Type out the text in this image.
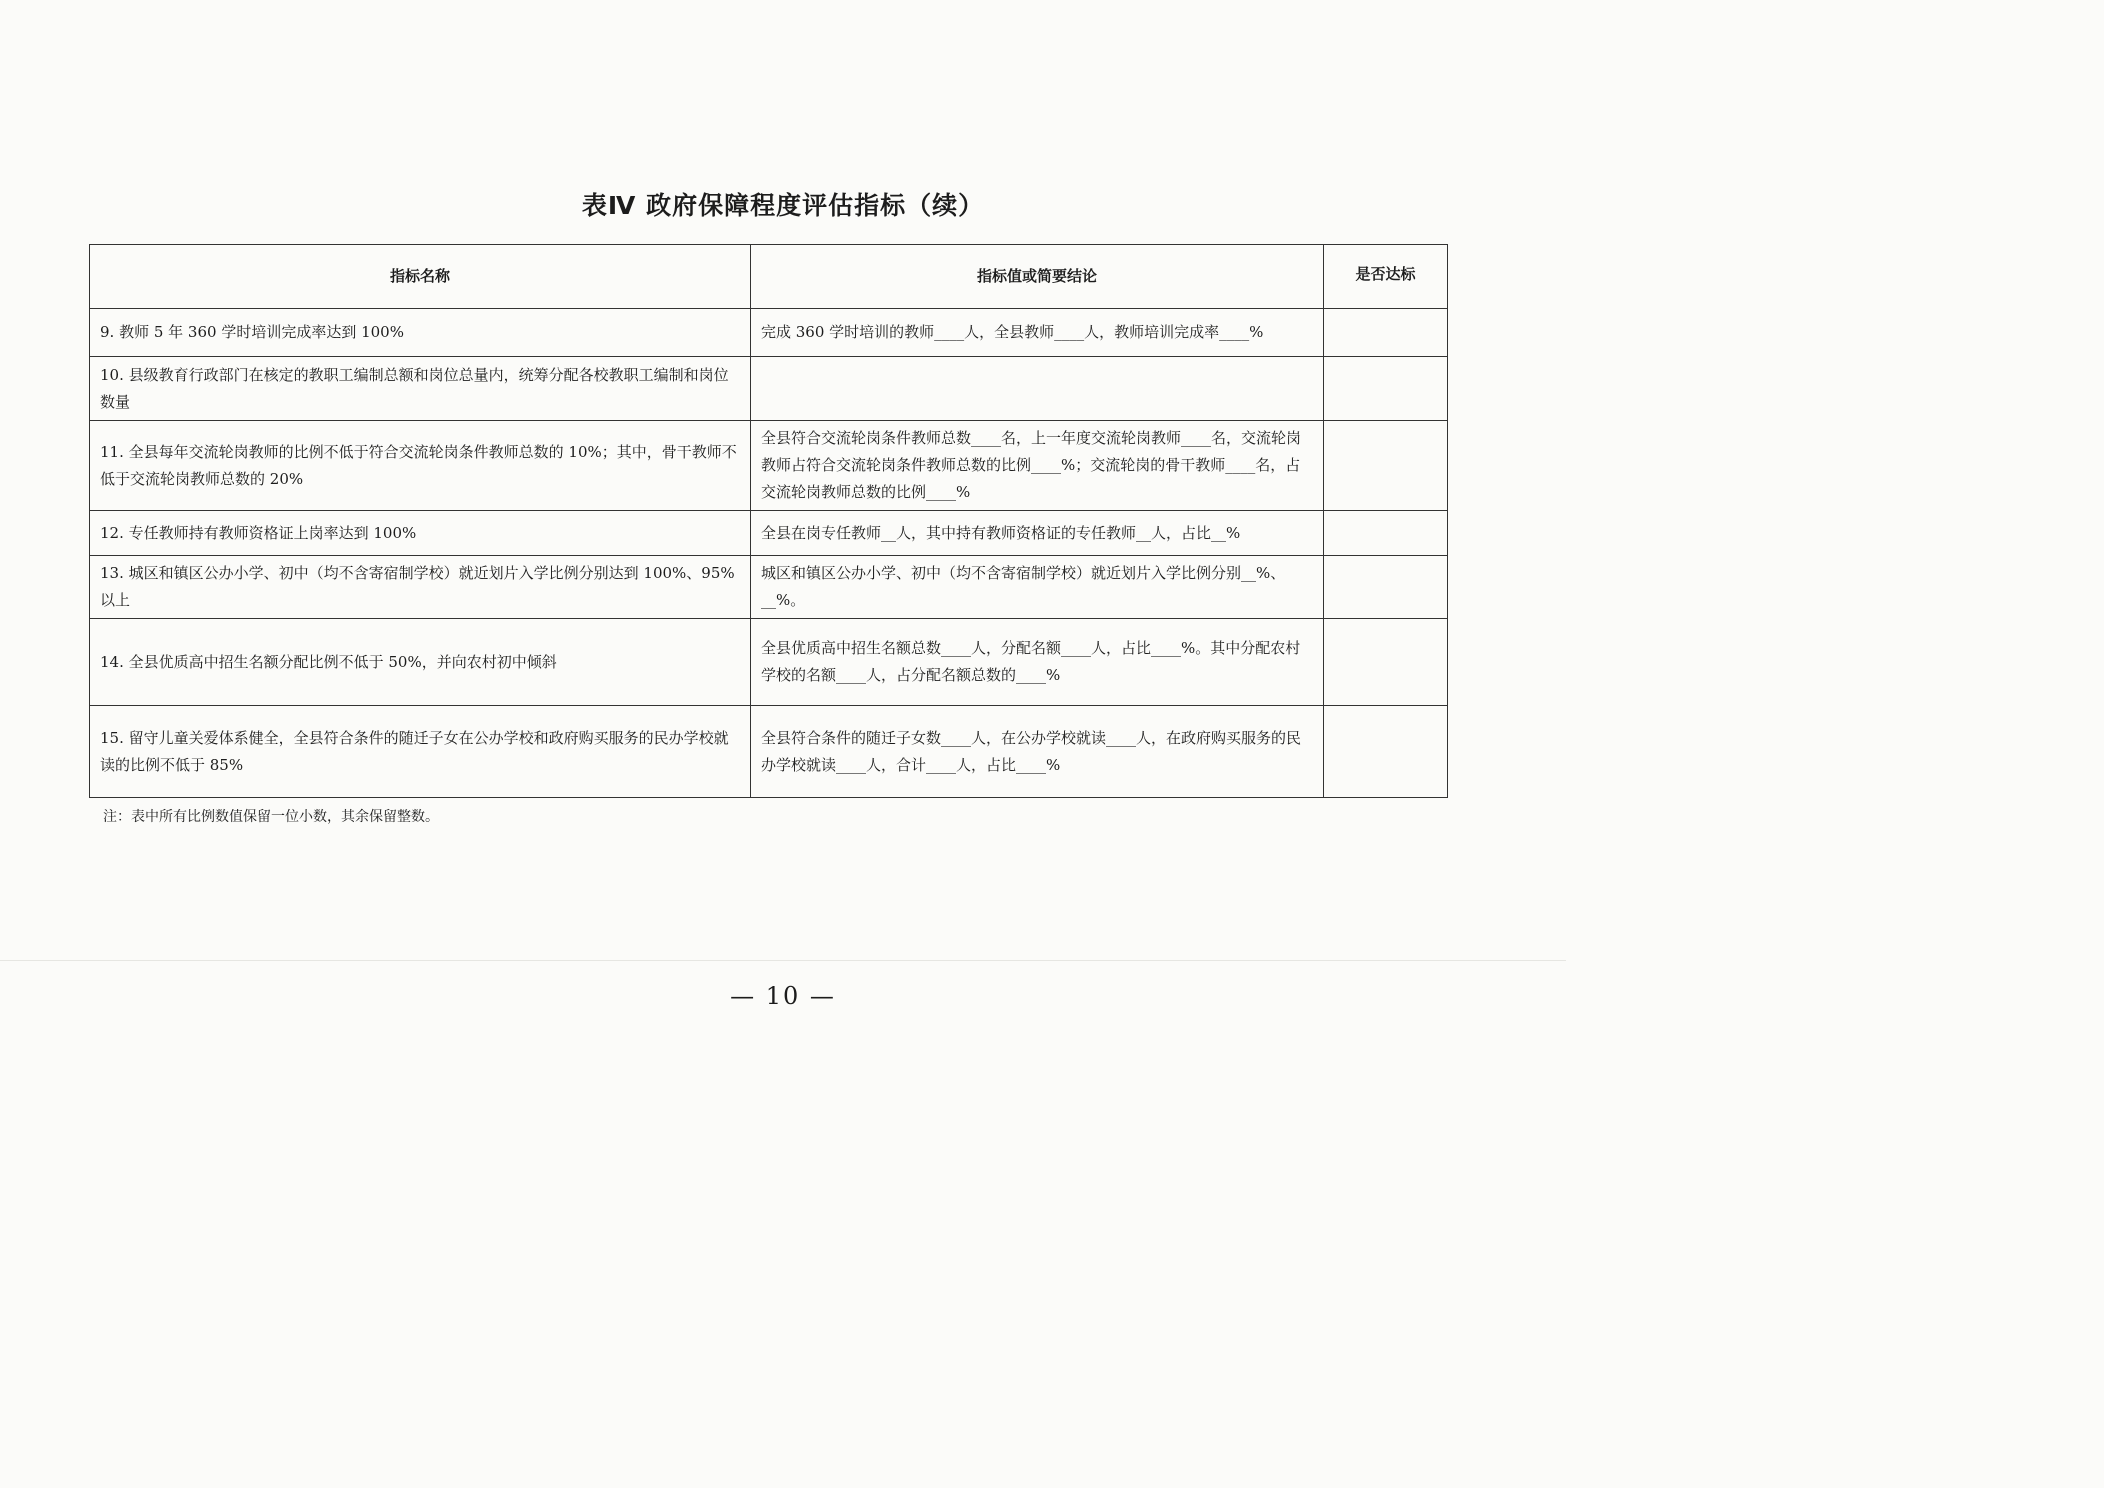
表Ⅳ 政府保障程度评估指标（续）
指标名称	指标值或简要结论	是否达标
9. 教师 5 年 360 学时培训完成率达到 100%	完成 360 学时培训的教师____人，全县教师____人，教师培训完成率____%	
10. 县级教育行政部门在核定的教职工编制总额和岗位总量内，统筹分配各校教职工编制和岗位数量		
11. 全县每年交流轮岗教师的比例不低于符合交流轮岗条件教师总数的 10%；其中，骨干教师不低于交流轮岗教师总数的 20%	全县符合交流轮岗条件教师总数____名，上一年度交流轮岗教师____名，交流轮岗教师占符合交流轮岗条件教师总数的比例____%；交流轮岗的骨干教师____名，占交流轮岗教师总数的比例____%	
12. 专任教师持有教师资格证上岗率达到 100%	全县在岗专任教师__人，其中持有教师资格证的专任教师__人，占比__%	
13. 城区和镇区公办小学、初中（均不含寄宿制学校）就近划片入学比例分别达到 100%、95%以上	城区和镇区公办小学、初中（均不含寄宿制学校）就近划片入学比例分别__%、__%。	
14. 全县优质高中招生名额分配比例不低于 50%，并向农村初中倾斜	全县优质高中招生名额总数____人，分配名额____人，占比____%。其中分配农村学校的名额____人，占分配名额总数的____%	
15. 留守儿童关爱体系健全，全县符合条件的随迁子女在公办学校和政府购买服务的民办学校就读的比例不低于 85%	全县符合条件的随迁子女数____人，在公办学校就读____人，在政府购买服务的民办学校就读____人，合计____人，占比____%	
注：表中所有比例数值保留一位小数，其余保留整数。
— 10 —
